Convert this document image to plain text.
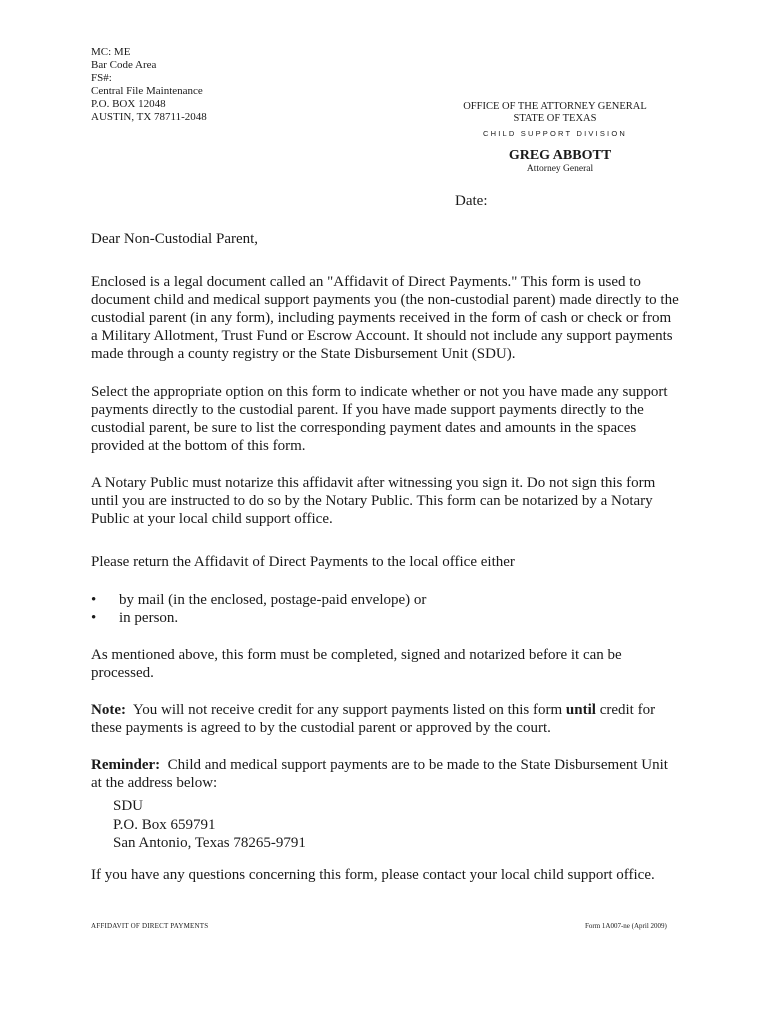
MC: ME
Bar Code Area
FS#:
Central File Maintenance
P.O. BOX 12048
AUSTIN, TX 78711-2048
OFFICE OF THE ATTORNEY GENERAL
STATE OF TEXAS
CHILD SUPPORT DIVISION
GREG ABBOTT
Attorney General
Date:
Dear Non-Custodial Parent,

Enclosed is a legal document called an "Affidavit of Direct Payments." This form is used to document child and medical support payments you (the non-custodial parent) made directly to the custodial parent (in any form), including payments received in the form of cash or check or from a Military Allotment, Trust Fund or Escrow Account. It should not include any support payments made through a county registry or the State Disbursement Unit (SDU).

Select the appropriate option on this form to indicate whether or not you have made any support payments directly to the custodial parent. If you have made support payments directly to the custodial parent, be sure to list the corresponding payment dates and amounts in the spaces provided at the bottom of this form.

A Notary Public must notarize this affidavit after witnessing you sign it. Do not sign this form until you are instructed to do so by the Notary Public. This form can be notarized by a Notary Public at your local child support office.

Please return the Affidavit of Direct Payments to the local office either

•	by mail (in the enclosed, postage-paid envelope) or
•	in person.

As mentioned above, this form must be completed, signed and notarized before it can be processed.

Note:  You will not receive credit for any support payments listed on this form until credit for these payments is agreed to by the custodial parent or approved by the court.

Reminder:  Child and medical support payments are to be made to the State Disbursement Unit at the address below:

SDU
P.O. Box 659791
San Antonio, Texas 78265-9791
If you have any questions concerning this form, please contact your local child support office.
AFFIDAVIT OF DIRECT PAYMENTS	Form 1A007-ne (April 2009)
